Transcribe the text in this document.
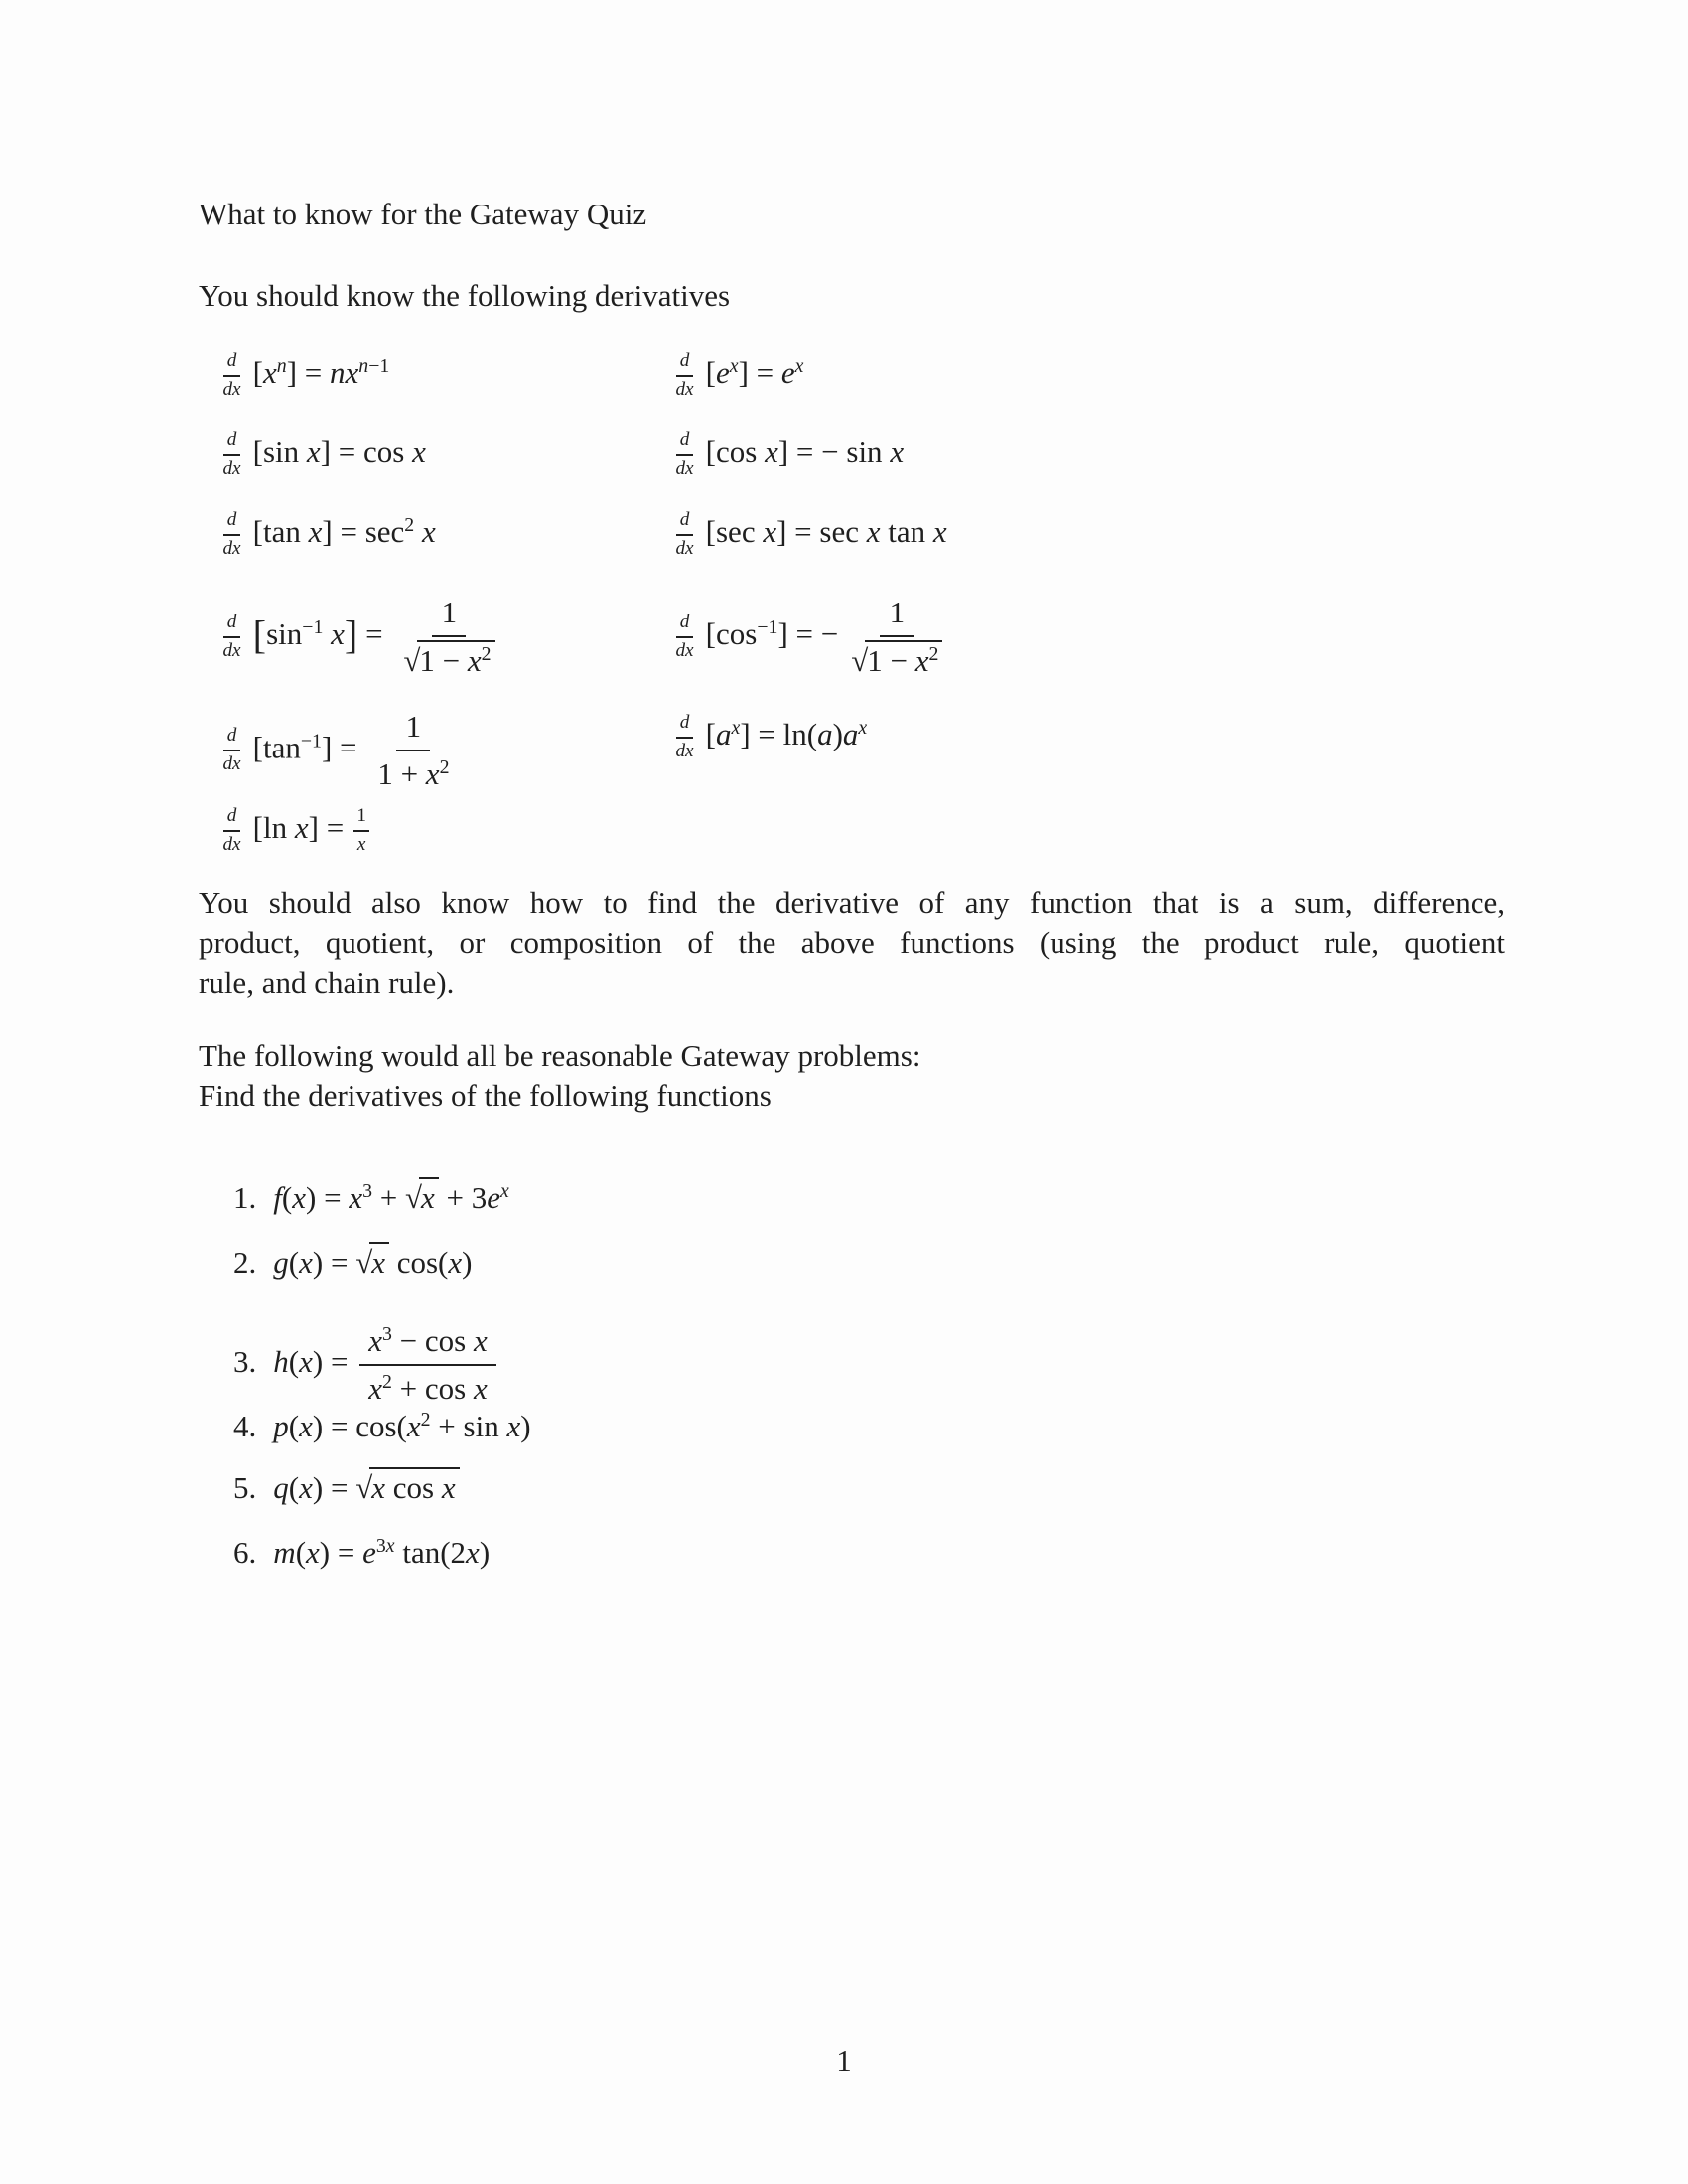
What to know for the Gateway Quiz
You should know the following derivatives
$\frac{d}{dx} [x^n] = nx^{n-1}$	$\frac{d}{dx} [e^x] = e^x$
$\frac{d}{dx} [\sin$ x] = cos x	$\frac{d}{dx} [\cos$ x] = − sin x
$\frac{d}{dx} [\tan$ $x] = \sec^2 x$	$\frac{d}{dx} [\sec$ x] = sec x tan x
$\frac{d}{dx} [\sin^{-1}$ $x] = \frac{1}{√1 - x^2}$	$\frac{d}{dx} [\cos^{-1}]$ = − $\frac{1}{√1 - x^2}$
$\frac{d}{dx} [\tan^{-1}] = \frac{1}{1 + x^2}$	$\frac{d}{dx} [a^x] = \ln(a)a^x$
$\frac{d}{dx} [\ln$ $x] = \frac{1}{x}$
You should also know how to find the derivative of any function that is a sum, difference,
product, quotient, or composition of the above functions (using the product rule, quotient
rule, and chain rule).
The following would all be reasonable Gateway problems:
Find the derivatives of the following functions
1. $f(x) = x^3 + √x + 3e^x$
2. g(x) = √x cos(x)
3. $h(x) = \frac{x^3 - \cos x}{x^2 + \cos x}$
4. $p(x) = \cos(x^2 + \sin x)$
5. q(x) = √x cos x
6. $m(x) = e^{3x}$ tan(2x)
1
